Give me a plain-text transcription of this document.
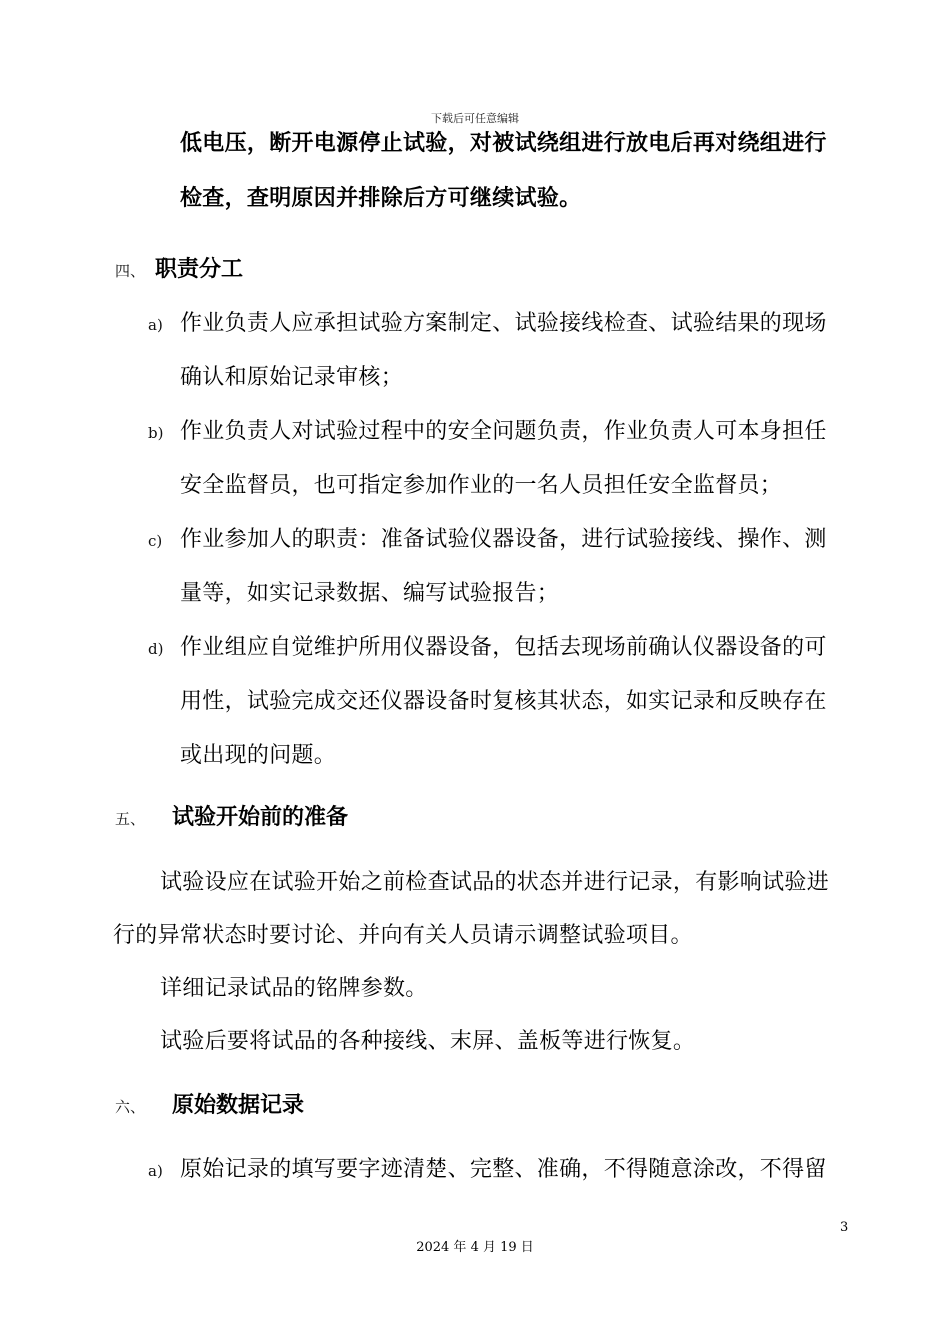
下载后可任意编辑
低电压，断开电源停止试验，对被试绕组进行放电后再对绕组进行
检查，查明原因并排除后方可继续试验。
四、 职责分工
a) 作业负责人应承担试验方案制定、试验接线检查、试验结果的现场
确认和原始记录审核；
b) 作业负责人对试验过程中的安全问题负责，作业负责人可本身担任
安全监督员，也可指定参加作业的一名人员担任安全监督员；
c) 作业参加人的职责：准备试验仪器设备，进行试验接线、操作、测
量等，如实记录数据、编写试验报告；
d) 作业组应自觉维护所用仪器设备，包括去现场前确认仪器设备的可
用性，试验完成交还仪器设备时复核其状态，如实记录和反映存在
或出现的问题。
五、 试验开始前的准备
试验设应在试验开始之前检查试品的状态并进行记录，有影响试验进
行的异常状态时要讨论、并向有关人员请示调整试验项目。
详细记录试品的铭牌参数。
试验后要将试品的各种接线、末屏、盖板等进行恢复。
六、 原始数据记录
a) 原始记录的填写要字迹清楚、完整、准确，不得随意涂改，不得留
3
2024 年 4 月 19 日
